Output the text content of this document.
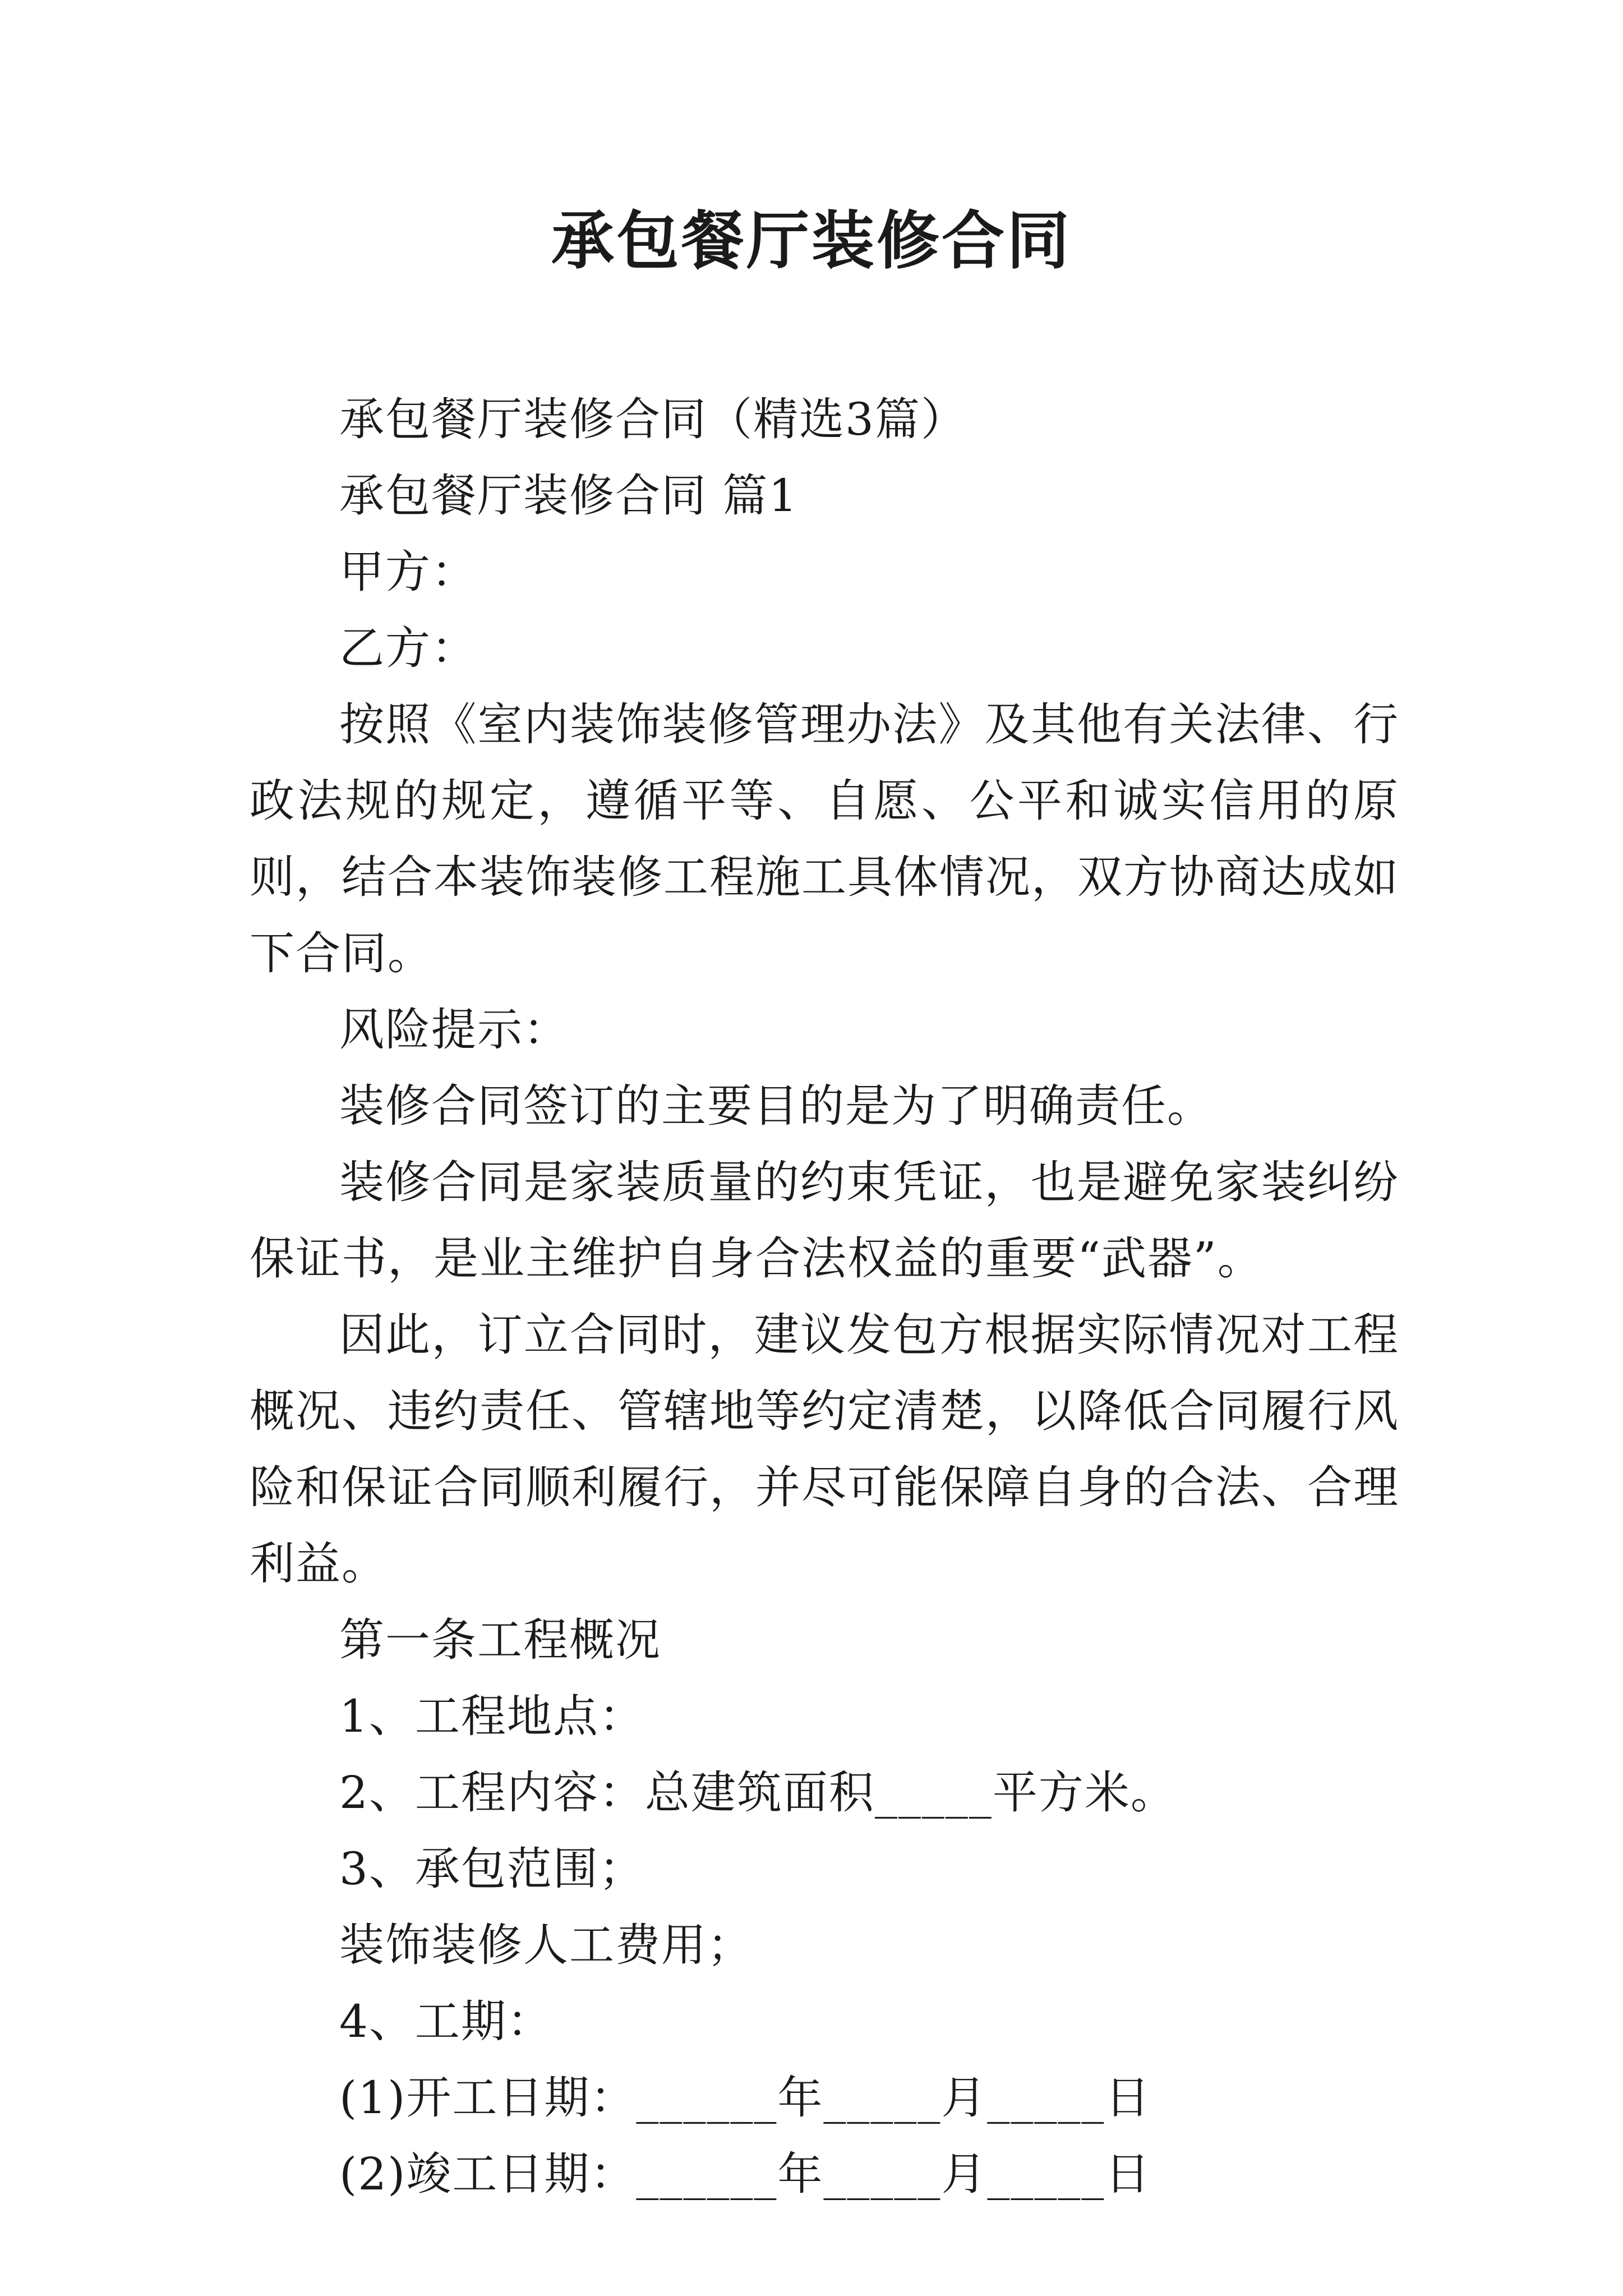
承包餐厅装修合同

承包餐厅装修合同（精选3篇）

承包餐厅装修合同 篇1

甲方：

乙方：

按照《室内装饰装修管理办法》及其他有关法律、行政法规的规定，遵循平等、自愿、公平和诚实信用的原则，结合本装饰装修工程施工具体情况，双方协商达成如下合同。

风险提示：

装修合同签订的主要目的是为了明确责任。

装修合同是家装质量的约束凭证，也是避免家装纠纷保证书，是业主维护自身合法权益的重要“武器”。

因此，订立合同时，建议发包方根据实际情况对工程概况、违约责任、管辖地等约定清楚，以降低合同履行风险和保证合同顺利履行，并尽可能保障自身的合法、合理利益。

第一条工程概况

1、工程地点：

2、工程内容：总建筑面积_____平方米。

3、承包范围；

装饰装修人工费用；

4、工期：

(1)开工日期：______年_____月_____日

(2)竣工日期：______年_____月_____日
